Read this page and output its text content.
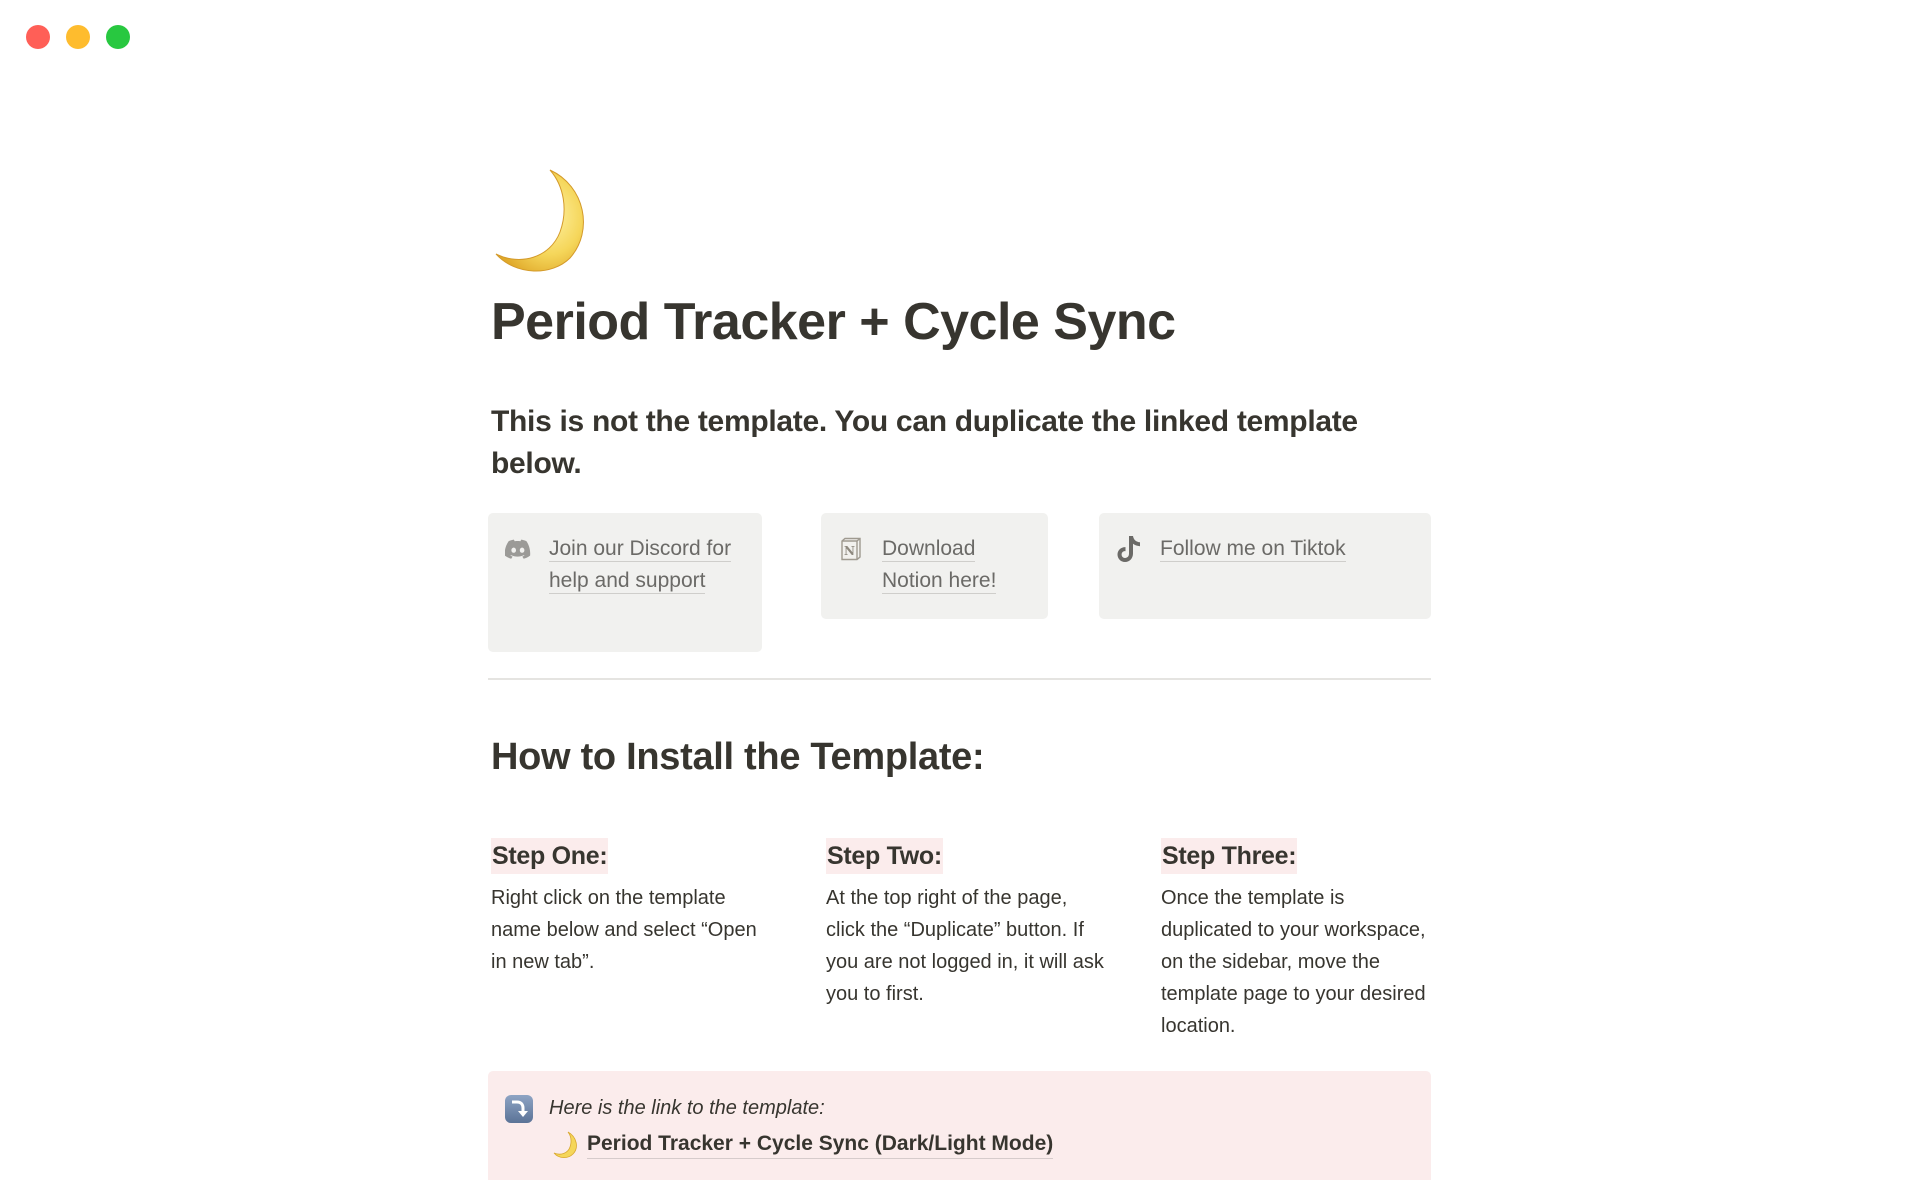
Period Tracker + Cycle Sync
This is not the template. You can duplicate the linked template below.
Join our Discord for help and support
N Download Notion here!
Follow me on Tiktok
How to Install the Template:
Step One:
Right click on the template name below and select “Open in new tab”.
Step Two:
At the top right of the page, click the “Duplicate” button. If you are not logged in, it will ask you to first.
Step Three:
Once the template is duplicated to your workspace, on the sidebar, move the template page to your desired location.
Here is the link to the template:
Period Tracker + Cycle Sync (Dark/Light Mode)
